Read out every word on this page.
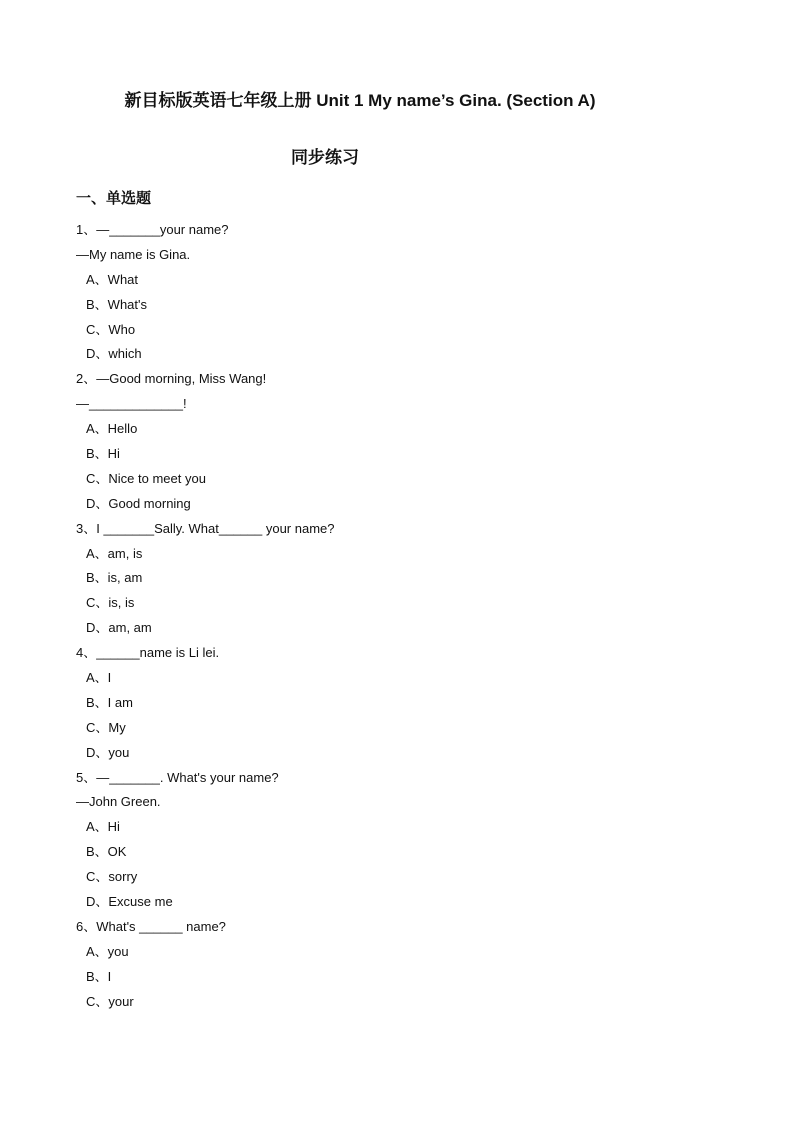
新目标版英语七年级上册 Unit 1 My name’s Gina. (Section A)
同步练习
一、单选题
1、—_______your name?
—My name is Gina.
A、What
B、What's
C、Who
D、which
2、—Good morning, Miss Wang!
—_____________!
A、Hello
B、Hi
C、Nice to meet you
D、Good morning
3、I _______Sally. What______ your name?
A、am, is
B、is, am
C、is, is
D、am, am
4、______name is Li lei.
A、I
B、I am
C、My
D、you
5、—_______. What's your name?
—John Green.
A、Hi
B、OK
C、sorry
D、Excuse me
6、What's ______ name?
A、you
B、I
C、your
